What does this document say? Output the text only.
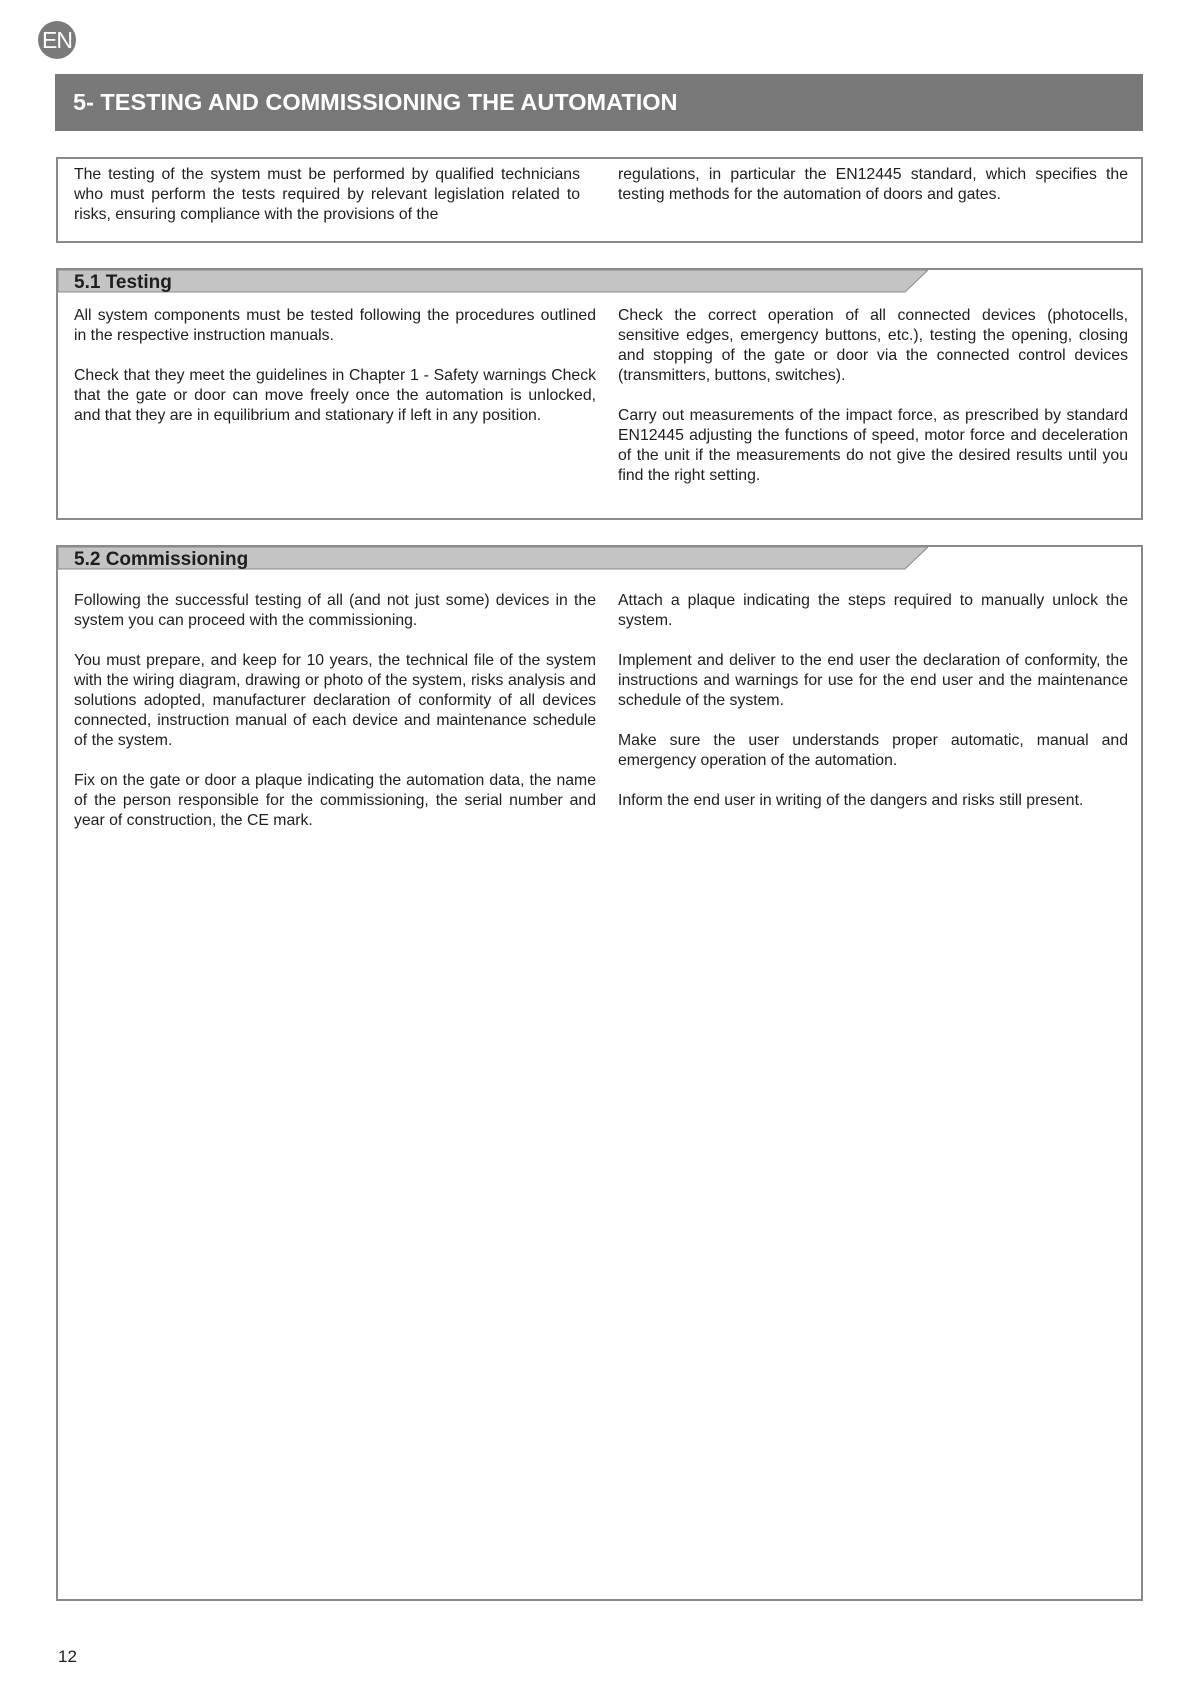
EN
5- TESTING AND COMMISSIONING THE AUTOMATION
The testing of the system must be performed by qualified technicians who must perform the tests required by relevant legislation related to risks, ensuring compliance with the provisions of the
regulations, in particular the EN12445 standard, which specifies the testing methods for the automation of doors and gates.
5.1 Testing

All system components must be tested following the procedures outlined in the respective instruction manuals.

Check that they meet the guidelines in Chapter 1 - Safety warnings Check that the gate or door can move freely once the automation is unlocked, and that they are in equilibrium and stationary if left in any position.

Check the correct operation of all connected devices (photocells, sensitive edges, emergency buttons, etc.), testing the opening, closing and stopping of the gate or door via the connected control devices (transmitters, buttons, switches).

Carry out measurements of the impact force, as prescribed by standard EN12445 adjusting the functions of speed, motor force and deceleration of the unit if the measurements do not give the desired results until you find the right setting.

5.2 Commissioning

Following the successful testing of all (and not just some) devices in the system you can proceed with the commissioning.

You must prepare, and keep for 10 years, the technical file of the system with the wiring diagram, drawing or photo of the system, risks analysis and solutions adopted, manufacturer declaration of conformity of all devices connected, instruction manual of each device and maintenance schedule of the system.

Fix on the gate or door a plaque indicating the automation data, the name of the person responsible for the commissioning, the serial number and year of construction, the CE mark.

Attach a plaque indicating the steps required to manually unlock the system.

Implement and deliver to the end user the declaration of conformity, the instructions and warnings for use for the end user and the maintenance schedule of the system.

Make sure the user understands proper automatic, manual and emergency operation of the automation.

Inform the end user in writing of the dangers and risks still present.

12
